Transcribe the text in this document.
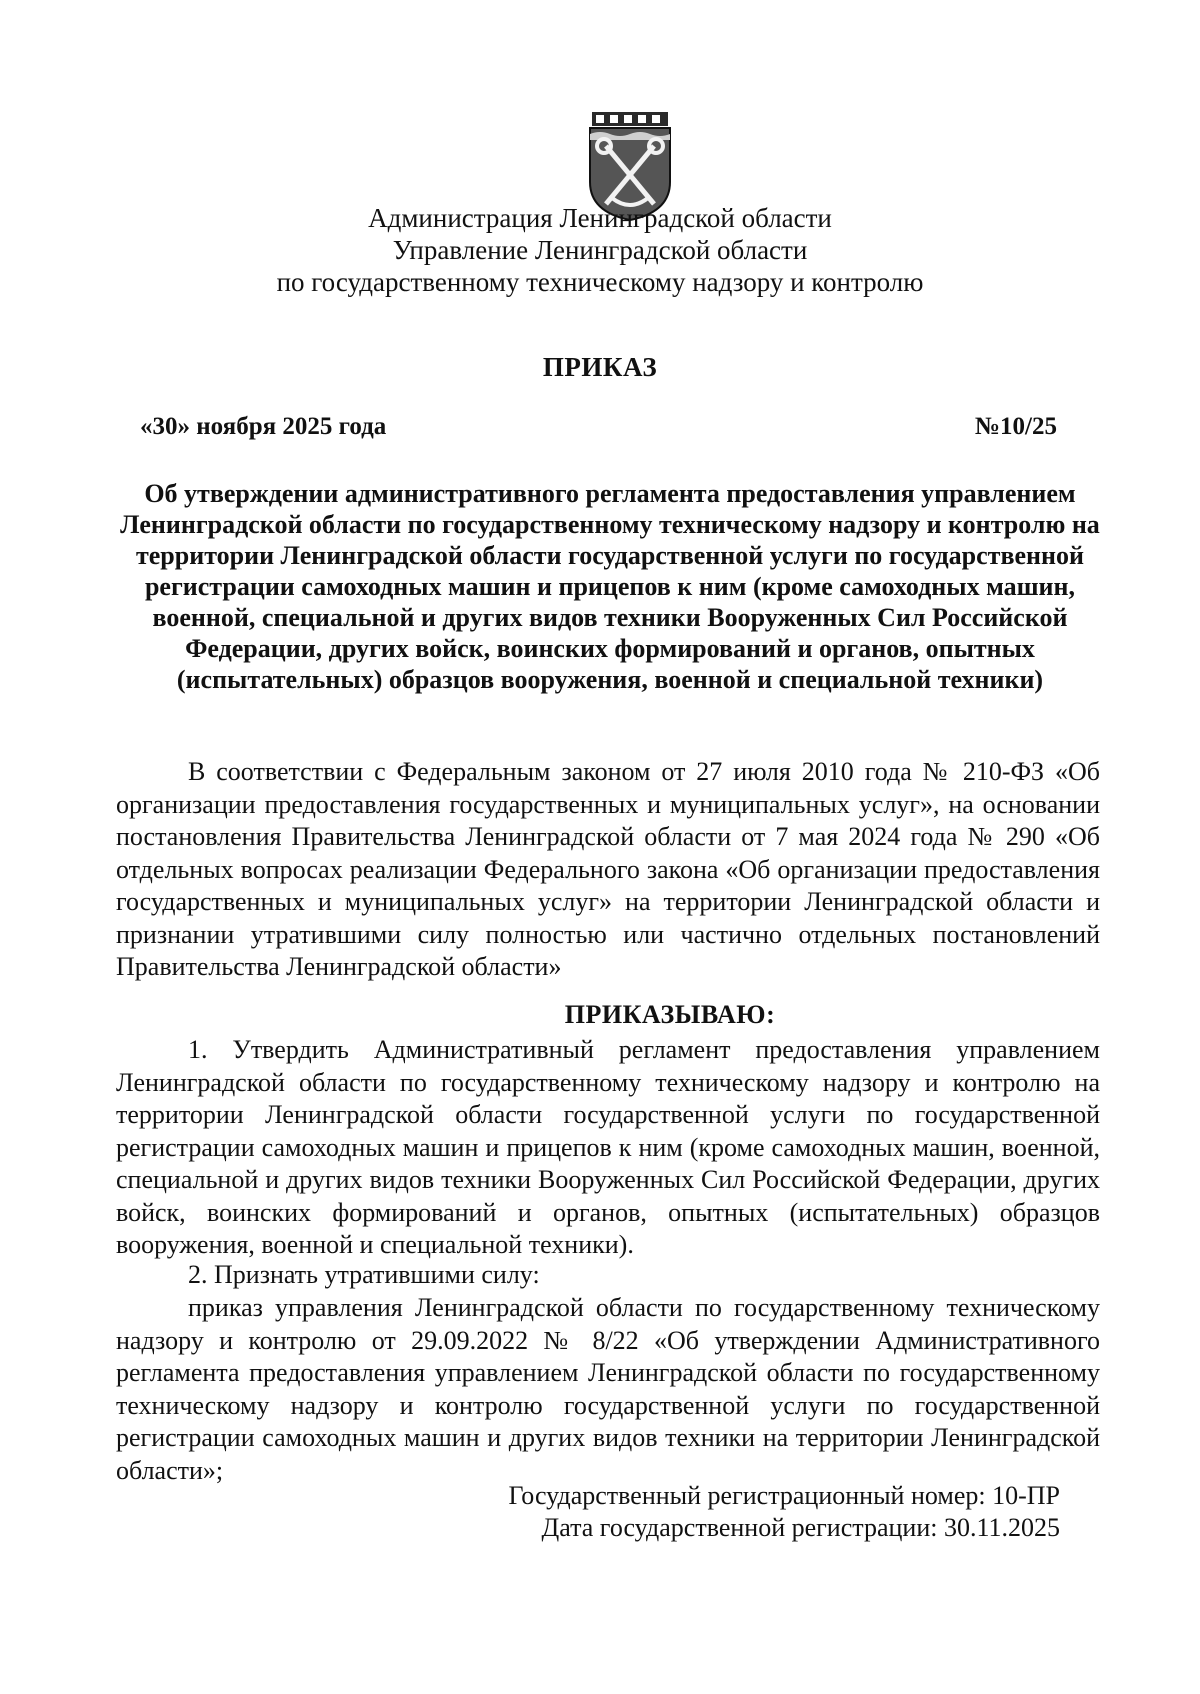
Администрация Ленинградской области
Управление Ленинградской области
по государственному техническому надзору и контролю
ПРИКАЗ
«30» ноября 2025 года	№10/25
Об утверждении административного регламента предоставления управлением Ленинградской области по государственному техническому надзору и контролю на территории Ленинградской области государственной услуги по государственной регистрации самоходных машин и прицепов к ним (кроме самоходных машин, военной, специальной и других видов техники Вооруженных Сил Российской Федерации, других войск, воинских формирований и органов, опытных (испытательных) образцов вооружения, военной и специальной техники)
В соответствии с Федеральным законом от 27 июля 2010 года № 210-ФЗ «Об организации предоставления государственных и муниципальных услуг», на основании постановления Правительства Ленинградской области от 7 мая 2024 года № 290 «Об отдельных вопросах реализации Федерального закона «Об организации предоставления государственных и муниципальных услуг» на территории Ленинградской области и признании утратившими силу полностью или частично отдельных постановлений Правительства Ленинградской области»
ПРИКАЗЫВАЮ:
1. Утвердить Административный регламент предоставления управлением Ленинградской области по государственному техническому надзору и контролю на территории Ленинградской области государственной услуги по государственной регистрации самоходных машин и прицепов к ним (кроме самоходных машин, военной, специальной и других видов техники Вооруженных Сил Российской Федерации, других войск, воинских формирований и органов, опытных (испытательных) образцов вооружения, военной и специальной техники).
2. Признать утратившими силу:
приказ управления Ленинградской области по государственному техническому надзору и контролю от 29.09.2022 № 8/22 «Об утверждении Административного регламента предоставления управлением Ленинградской области по государственному техническому надзору и контролю государственной услуги по государственной регистрации самоходных машин и других видов техники на территории Ленинградской области»;
Государственный регистрационный номер: 10-ПР
Дата государственной регистрации: 30.11.2025
